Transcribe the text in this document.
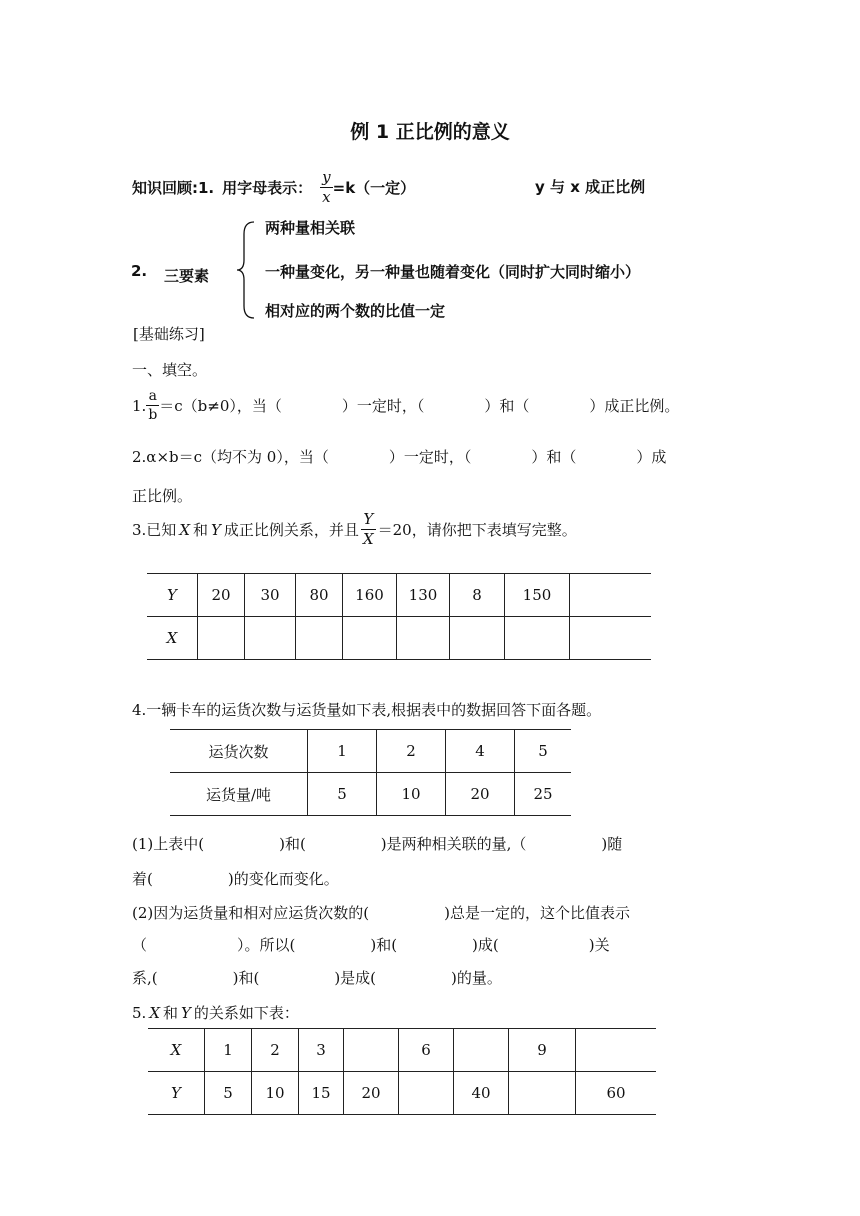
例 1 正比例的意义
知识回顾:1. 用字母表示： $\frac{y}{x} =k$（一定）	y 与 x 成正比例
2. 三要素
两种量相关联
一种量变化，另一种量也随着变化（同时扩大同时缩小）
相对应的两个数的比值一定
[基础练习]
一、填空。
1. $\frac{a}{b} =c(b\ne 0)$，当（　　　　）一定时，（　　　　）和（　　　　）成正比例。
2.α×b＝c（均不为 0），当（　　　　）一定时，（　　　　）和（　　　　）成
正比例。
3.已知 X 和 Y 成正比例关系，并且 $\frac{Y}{X} =20$，请你把下表填写完整。
Y	20	30	80	160	130	8	150	
X								
4.一辆卡车的运货次数与运货量如下表,根据表中的数据回答下面各题。
运货次数	1	2	4	5
运货量/吨	5	10	20	25
(1)上表中(　　　　　)和(　　　　　)是两种相关联的量,（　　　　　)随
着(　　　　　)的变化而变化。
(2)因为运货量和相对应运货次数的(　　　　　)总是一定的，这个比值表示
（　　　　　　）。所以(　　　　　)和(　　　　　)成(　　　　　　)关
系,(　　　　　)和(　　　　　)是成(　　　　　)的量。
5. X 和 Y 的关系如下表：
X	1	2	3		6		9	
Y	5	10	15	20		40		60
